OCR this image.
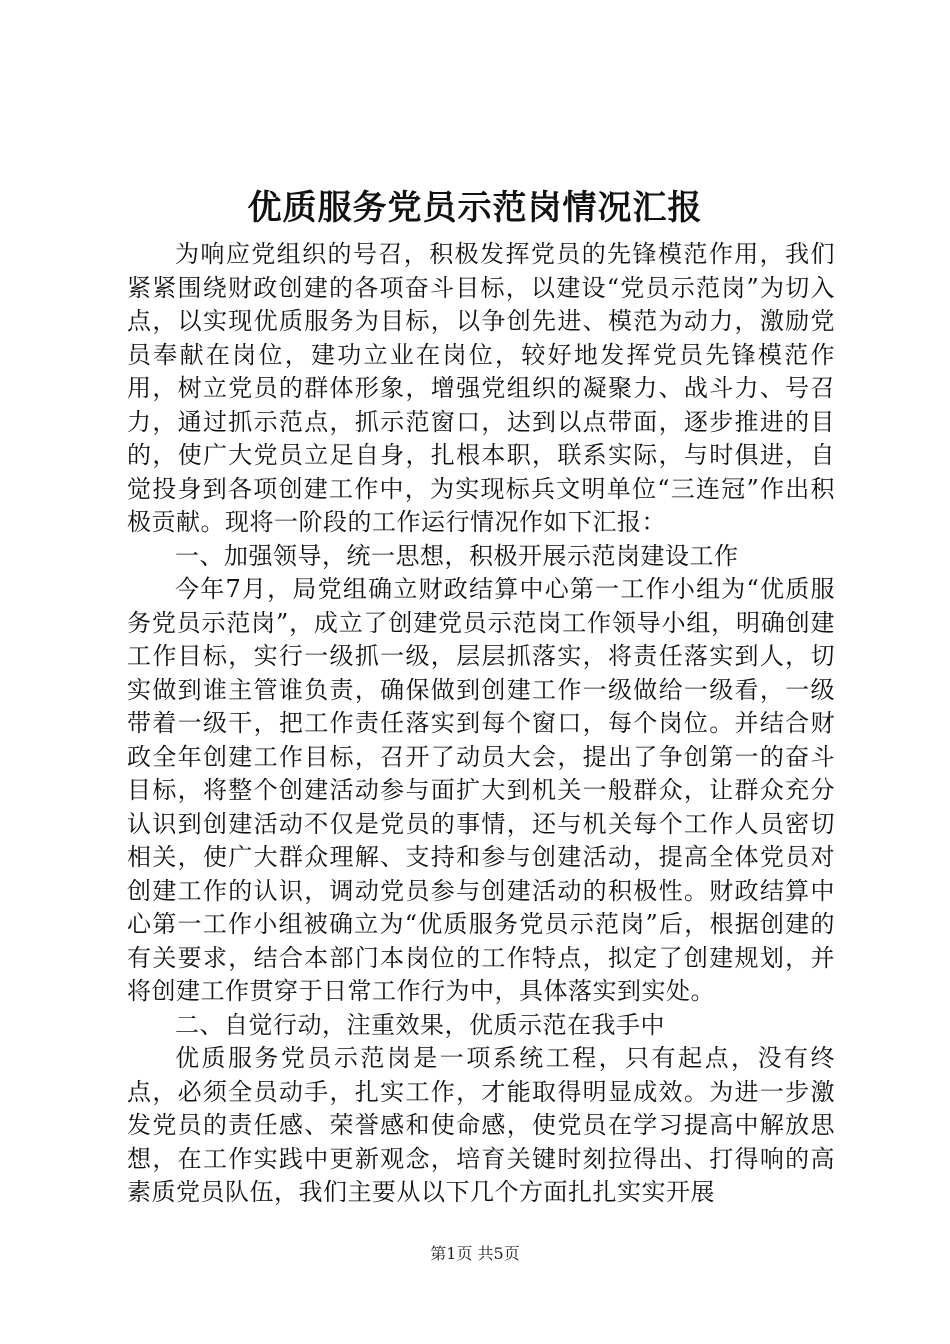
优质服务党员示范岗情况汇报

为响应党组织的号召，积极发挥党员的先锋模范作用，我们紧紧围绕财政创建的各项奋斗目标，以建设“党员示范岗”为切入点，以实现优质服务为目标，以争创先进、模范为动力，激励党员奉献在岗位，建功立业在岗位，较好地发挥党员先锋模范作用，树立党员的群体形象，增强党组织的凝聚力、战斗力、号召力，通过抓示范点，抓示范窗口，达到以点带面，逐步推进的目的，使广大党员立足自身，扎根本职，联系实际，与时俱进，自觉投身到各项创建工作中，为实现标兵文明单位“三连冠”作出积极贡献。现将一阶段的工作运行情况作如下汇报：

一、加强领导，统一思想，积极开展示范岗建设工作

今年7月，局党组确立财政结算中心第一工作小组为“优质服务党员示范岗”，成立了创建党员示范岗工作领导小组，明确创建工作目标，实行一级抓一级，层层抓落实，将责任落实到人，切实做到谁主管谁负责，确保做到创建工作一级做给一级看，一级带着一级干，把工作责任落实到每个窗口，每个岗位。并结合财政全年创建工作目标，召开了动员大会，提出了争创第一的奋斗目标，将整个创建活动参与面扩大到机关一般群众，让群众充分认识到创建活动不仅是党员的事情，还与机关每个工作人员密切相关，使广大群众理解、支持和参与创建活动，提高全体党员对创建工作的认识，调动党员参与创建活动的积极性。财政结算中心第一工作小组被确立为“优质服务党员示范岗”后，根据创建的有关要求，结合本部门本岗位的工作特点，拟定了创建规划，并将创建工作贯穿于日常工作行为中，具体落实到实处。

二、自觉行动，注重效果，优质示范在我手中

优质服务党员示范岗是一项系统工程，只有起点，没有终点，必须全员动手，扎实工作，才能取得明显成效。为进一步激发党员的责任感、荣誉感和使命感，使党员在学习提高中解放思想，在工作实践中更新观念，培育关键时刻拉得出、打得响的高素质党员队伍，我们主要从以下几个方面扎扎实实开展

第1页 共5页
